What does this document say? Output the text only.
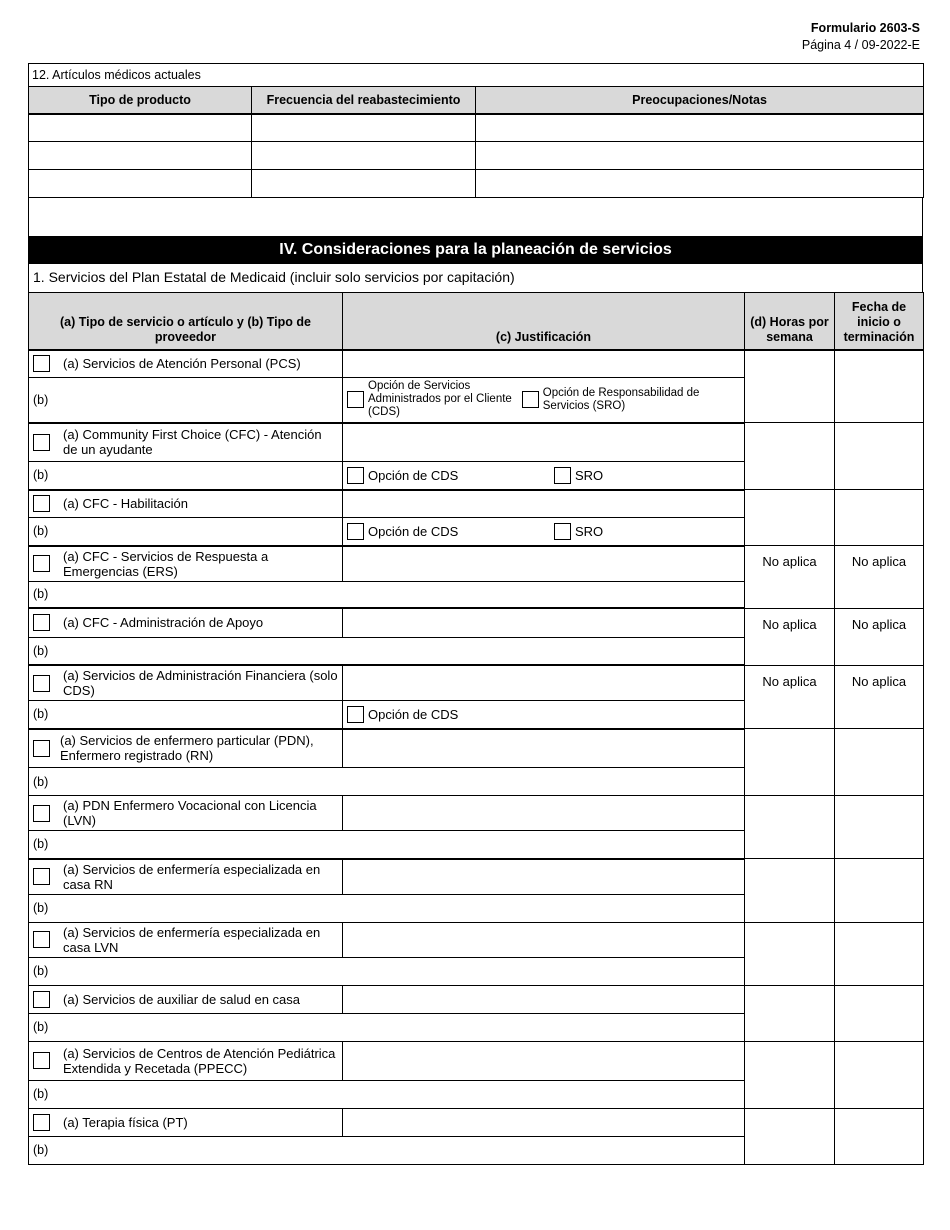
Formulario 2603-S
Página 4 / 09-2022-E
12. Artículos médicos actuales		
Tipo de producto	Frecuencia del reabastecimiento	Preocupaciones/Notas

IV. Consideraciones para la planeación de servicios
1. Servicios del Plan Estatal de Medicaid (incluir solo servicios por capitación)
(a) Tipo de servicio o artículo y (b) Tipo de proveedor	(c) Justificación	(d) Horas por semana	Fecha de inicio o terminación

(a) Servicios de Atención Personal (PCS)			

(b)	Opción de Servicios Administrados por el Cliente (CDS)
Opción de Responsabilidad de Servicios (SRO)		

(a) Community First Choice (CFC) - Atención de un ayudante			

(b)	Opción de CDS SRO		

(a) CFC - Habilitación			

(b)	Opción de CDS SRO		

(a) CFC - Servicios de Respuesta a Emergencias (ERS)		No aplica	No aplica
(b)			

(a) CFC - Administración de Apoyo		No aplica	No aplica
(b)			

(a) Servicios de Administración Financiera (solo CDS)		No aplica	No aplica
(b)	Opción de CDS		

(a) Servicios de enfermero particular (PDN), Enfermero registrado (RN)			

(b)			

(a) PDN Enfermero Vocacional con Licencia (LVN)			

(b)			

(a) Servicios de enfermería especializada en casa RN			

(b)			

(a) Servicios de enfermería especializada en casa LVN			

(b)			

(a) Servicios de auxiliar de salud en casa			

(b)			

(a) Servicios de Centros de Atención Pediátrica Extendida y Recetada (PPECC)			

(b)			

(a) Terapia física (PT)			

(b)			
